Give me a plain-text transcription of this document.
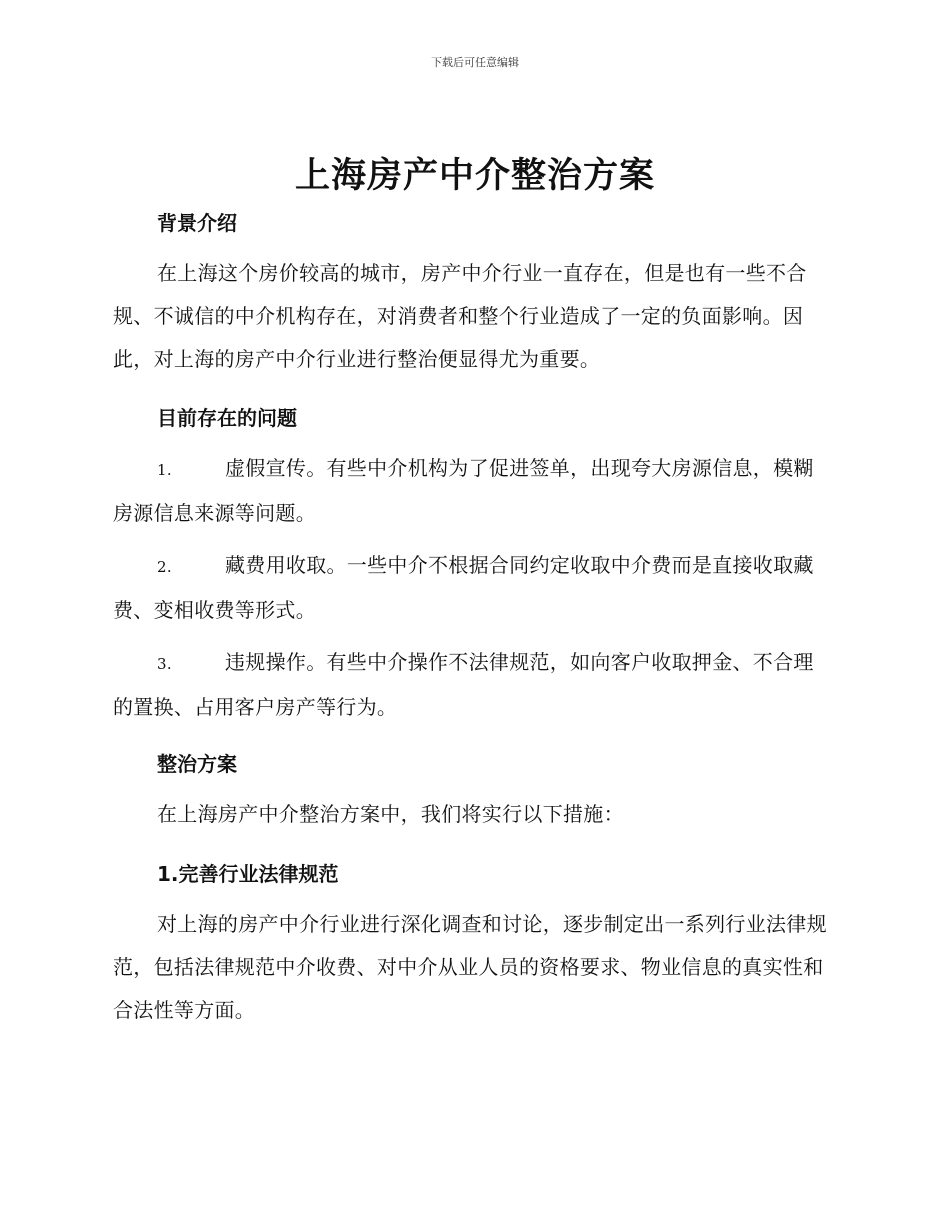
下载后可任意编辑
上海房产中介整治方案
背景介绍

在上海这个房价较高的城市，房产中介行业一直存在，但是也有一些不合规、不诚信的中介机构存在，对消费者和整个行业造成了一定的负面影响。因此，对上海的房产中介行业进行整治便显得尤为重要。

目前存在的问题

1.	虚假宣传。有些中介机构为了促进签单，出现夸大房源信息，模糊房源信息来源等问题。

2.	藏费用收取。一些中介不根据合同约定收取中介费而是直接收取藏费、变相收费等形式。

3.	违规操作。有些中介操作不法律规范，如向客户收取押金、不合理的置换、占用客户房产等行为。

整治方案

在上海房产中介整治方案中，我们将实行以下措施：

1.完善行业法律规范

对上海的房产中介行业进行深化调查和讨论，逐步制定出一系列行业法律规范，包括法律规范中介收费、对中介从业人员的资格要求、物业信息的真实性和合法性等方面。
